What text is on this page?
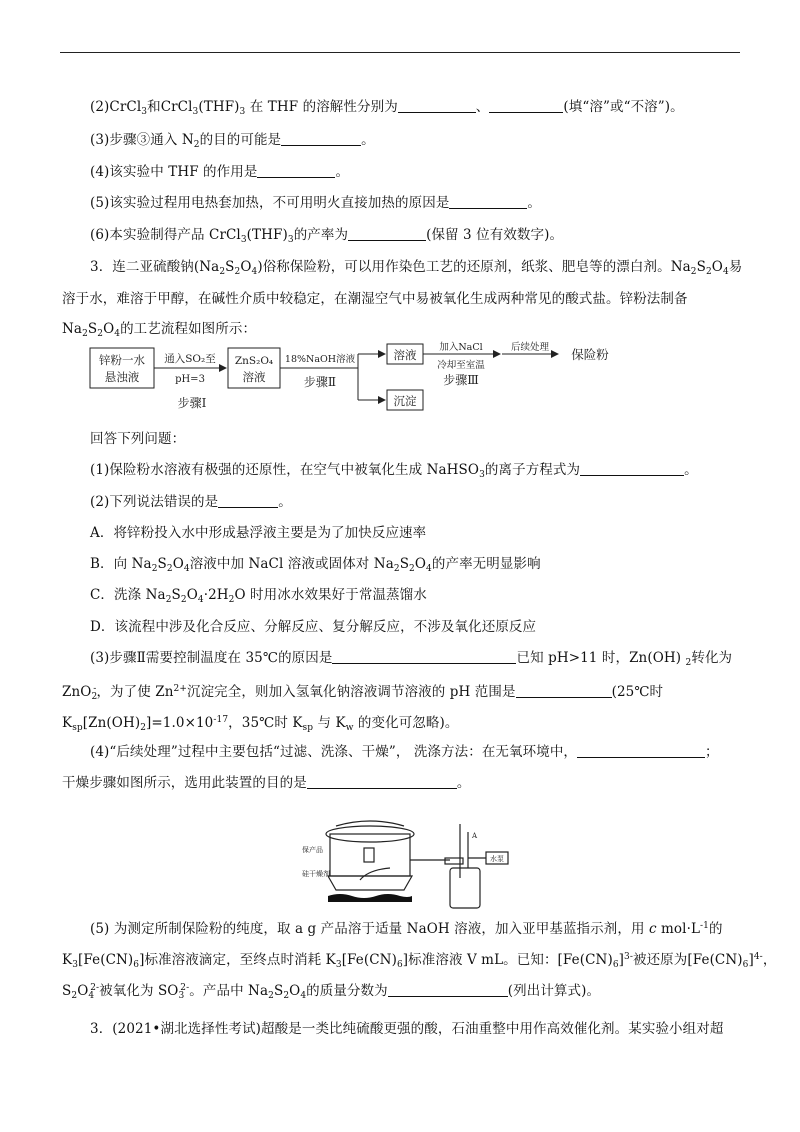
(2)CrCl$_3$和$CrCl_3(THF)_3$ 在 THF 的溶解性分别为	、	(填“溶”或“不溶”)。
(3)步骤③通入 $N_2$的目的可能是	。
(4)该实验中 THF 的作用是	。
(5)该实验过程用电热套加热，不可用明火直接加热的原因是	。
(6)本实验制得产品 $CrCl_3(THF)_3$的产率为	(保留 3 位有效数字)。
3．连二亚硫酸钠$(Na_2S_2O_4)$俗称保险粉，可以用作染色工艺的还原剂，纸浆、肥皂等的漂白剂。$Na_2S_2O_4$易
溶于水，难溶于甲醇，在碱性介质中较稳定，在潮湿空气中易被氧化生成两种常见的酸式盐。锌粉法制备
$Na_2S_2O_4$的工艺流程如图所示：
锌粉一水
悬浊液
通入SO₂至
pH=3
步骤Ⅰ
ZnS₂O₄
溶液
18%NaOH溶液
步骤Ⅱ
溶液
沉淀
加入NaCl
冷却至室温
步骤Ⅲ
后续处理 保险粉
回答下列问题：
(1)保险粉水溶液有极强的还原性，在空气中被氧化生成 NaHSO$_3$的离子方程式为	。
(2)下列说法错误的是	。
A．将锌粉投入水中形成悬浮液主要是为了加快反应速率
B．向 $Na_2S_2O_4$溶液中加 NaCl 溶液或固体对 $Na_2S_2O_4$的产率无明显影响
C．洗涤 $Na_2S_2O_4\cdot 2H_2O$ 时用冰水效果好于常温蒸馏水
D．该流程中涉及化合反应、分解反应、复分解反应，不涉及氧化还原反应
(3)步骤Ⅱ需要控制温度在 35℃的原因是	已知 pH>11 时，Zn(OH) $_2$转化为
ZnO$_2$-，为了使 $Zn^{2+}$沉淀完全，则加入氢氧化钠溶液调节溶液的 pH 范围是	(25℃时
$K_{sp}[Zn(OH)_2]=1.0\times 10^{-17}$，35℃时 $K_{sp}$ 与 $K_w$ 的变化可忽略)。
(4)“后续处理”过程中主要包括“过滤、洗涤、干燥”， 洗涤方法：在无氧环境中，	；
干燥步骤如图所示，选用此装置的目的是	。
保产品
硅干燥剂
水泵
A
(5) 为测定所制保险粉的纯度，取 a g 产品溶于适量 NaOH 溶液，加入亚甲基蓝指示剂，用 c $mol\cdot L^{-1}$的
$K_3[Fe(CN)_6]$标准溶液滴定，至终点时消耗 $K_3[Fe(CN)_6]$标准溶液 V mL。已知：$[Fe(CN)_6]^{3-}$被还原为$[Fe(CN)_6]^{4-}$，
$S_2O_4^{2-}$被氧化为 $SO_3^{2-}$。产品中 $Na_2S_2O_4$的质量分数为	(列出计算式)。
3．(2021•湖北选择性考试)超酸是一类比纯硫酸更强的酸，石油重整中用作高效催化剂。某实验小组对超
